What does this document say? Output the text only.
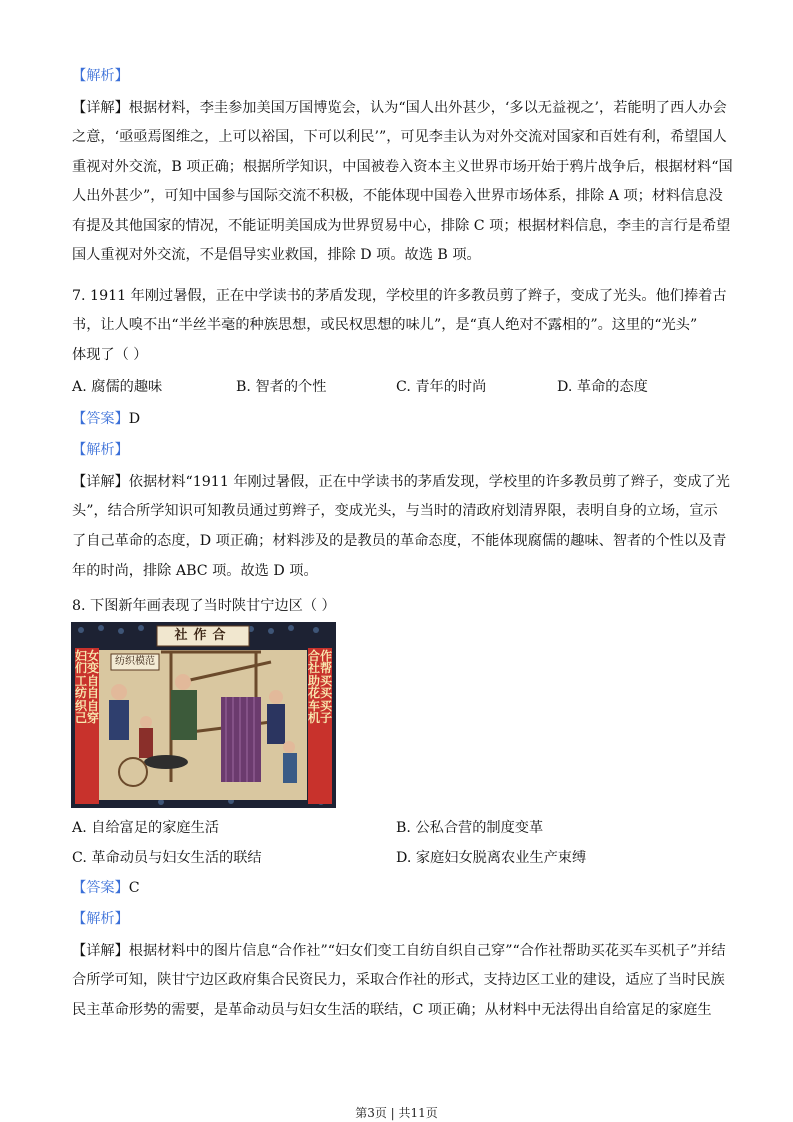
【解析】
【详解】根据材料，李圭参加美国万国博览会，认为“国人出外甚少，‘多以无益视之’，若能明了西人办会
之意，‘亟亟焉图维之，上可以裕国，下可以利民’”，可见李圭认为对外交流对国家和百姓有利，希望国人
重视对外交流，B 项正确；根据所学知识，中国被卷入资本主义世界市场开始于鸦片战争后，根据材料“国
人出外甚少”，可知中国参与国际交流不积极，不能体现中国卷入世界市场体系，排除 A 项；材料信息没
有提及其他国家的情况，不能证明美国成为世界贸易中心，排除 C 项；根据材料信息，李圭的言行是希望
国人重视对外交流，不是倡导实业救国，排除 D 项。故选 B 项。
7. 1911 年刚过暑假，正在中学读书的茅盾发现，学校里的许多教员剪了辫子，变成了光头。他们捧着古
书，让人嗅不出“半丝半毫的种族思想，或民权思想的味儿”，是“真人绝对不露相的”。这里的“光头”
体现了（ ）
A. 腐儒的趣味	B. 智者的个性	C. 青年的时尚	D. 革命的态度
【答案】D
【解析】
【详解】依据材料“1911 年刚过暑假，正在中学读书的茅盾发现，学校里的许多教员剪了辫子，变成了光
头”，结合所学知识可知教员通过剪辫子，变成光头，与当时的清政府划清界限，表明自身的立场，宣示
了自己革命的态度，D 项正确；材料涉及的是教员的革命态度，不能体现腐儒的趣味、智者的个性以及青
年的时尚，排除 ABC 项。故选 D 项。
8. 下图新年画表现了当时陕甘宁边区（ ）
社作合
妇女们变工自纺自织自己穿
合作社帮助买花买车买机子
纺织模范
A. 自给富足的家庭生活	B. 公私合营的制度变革
C. 革命动员与妇女生活的联结	D. 家庭妇女脱离农业生产束缚
【答案】C
【解析】
【详解】根据材料中的图片信息“合作社”“妇女们变工自纺自织自己穿”“合作社帮助买花买车买机子”并结
合所学可知，陕甘宁边区政府集合民资民力，采取合作社的形式，支持边区工业的建设，适应了当时民族
民主革命形势的需要，是革命动员与妇女生活的联结，C 项正确；从材料中无法得出自给富足的家庭生
第3页 | 共11页
